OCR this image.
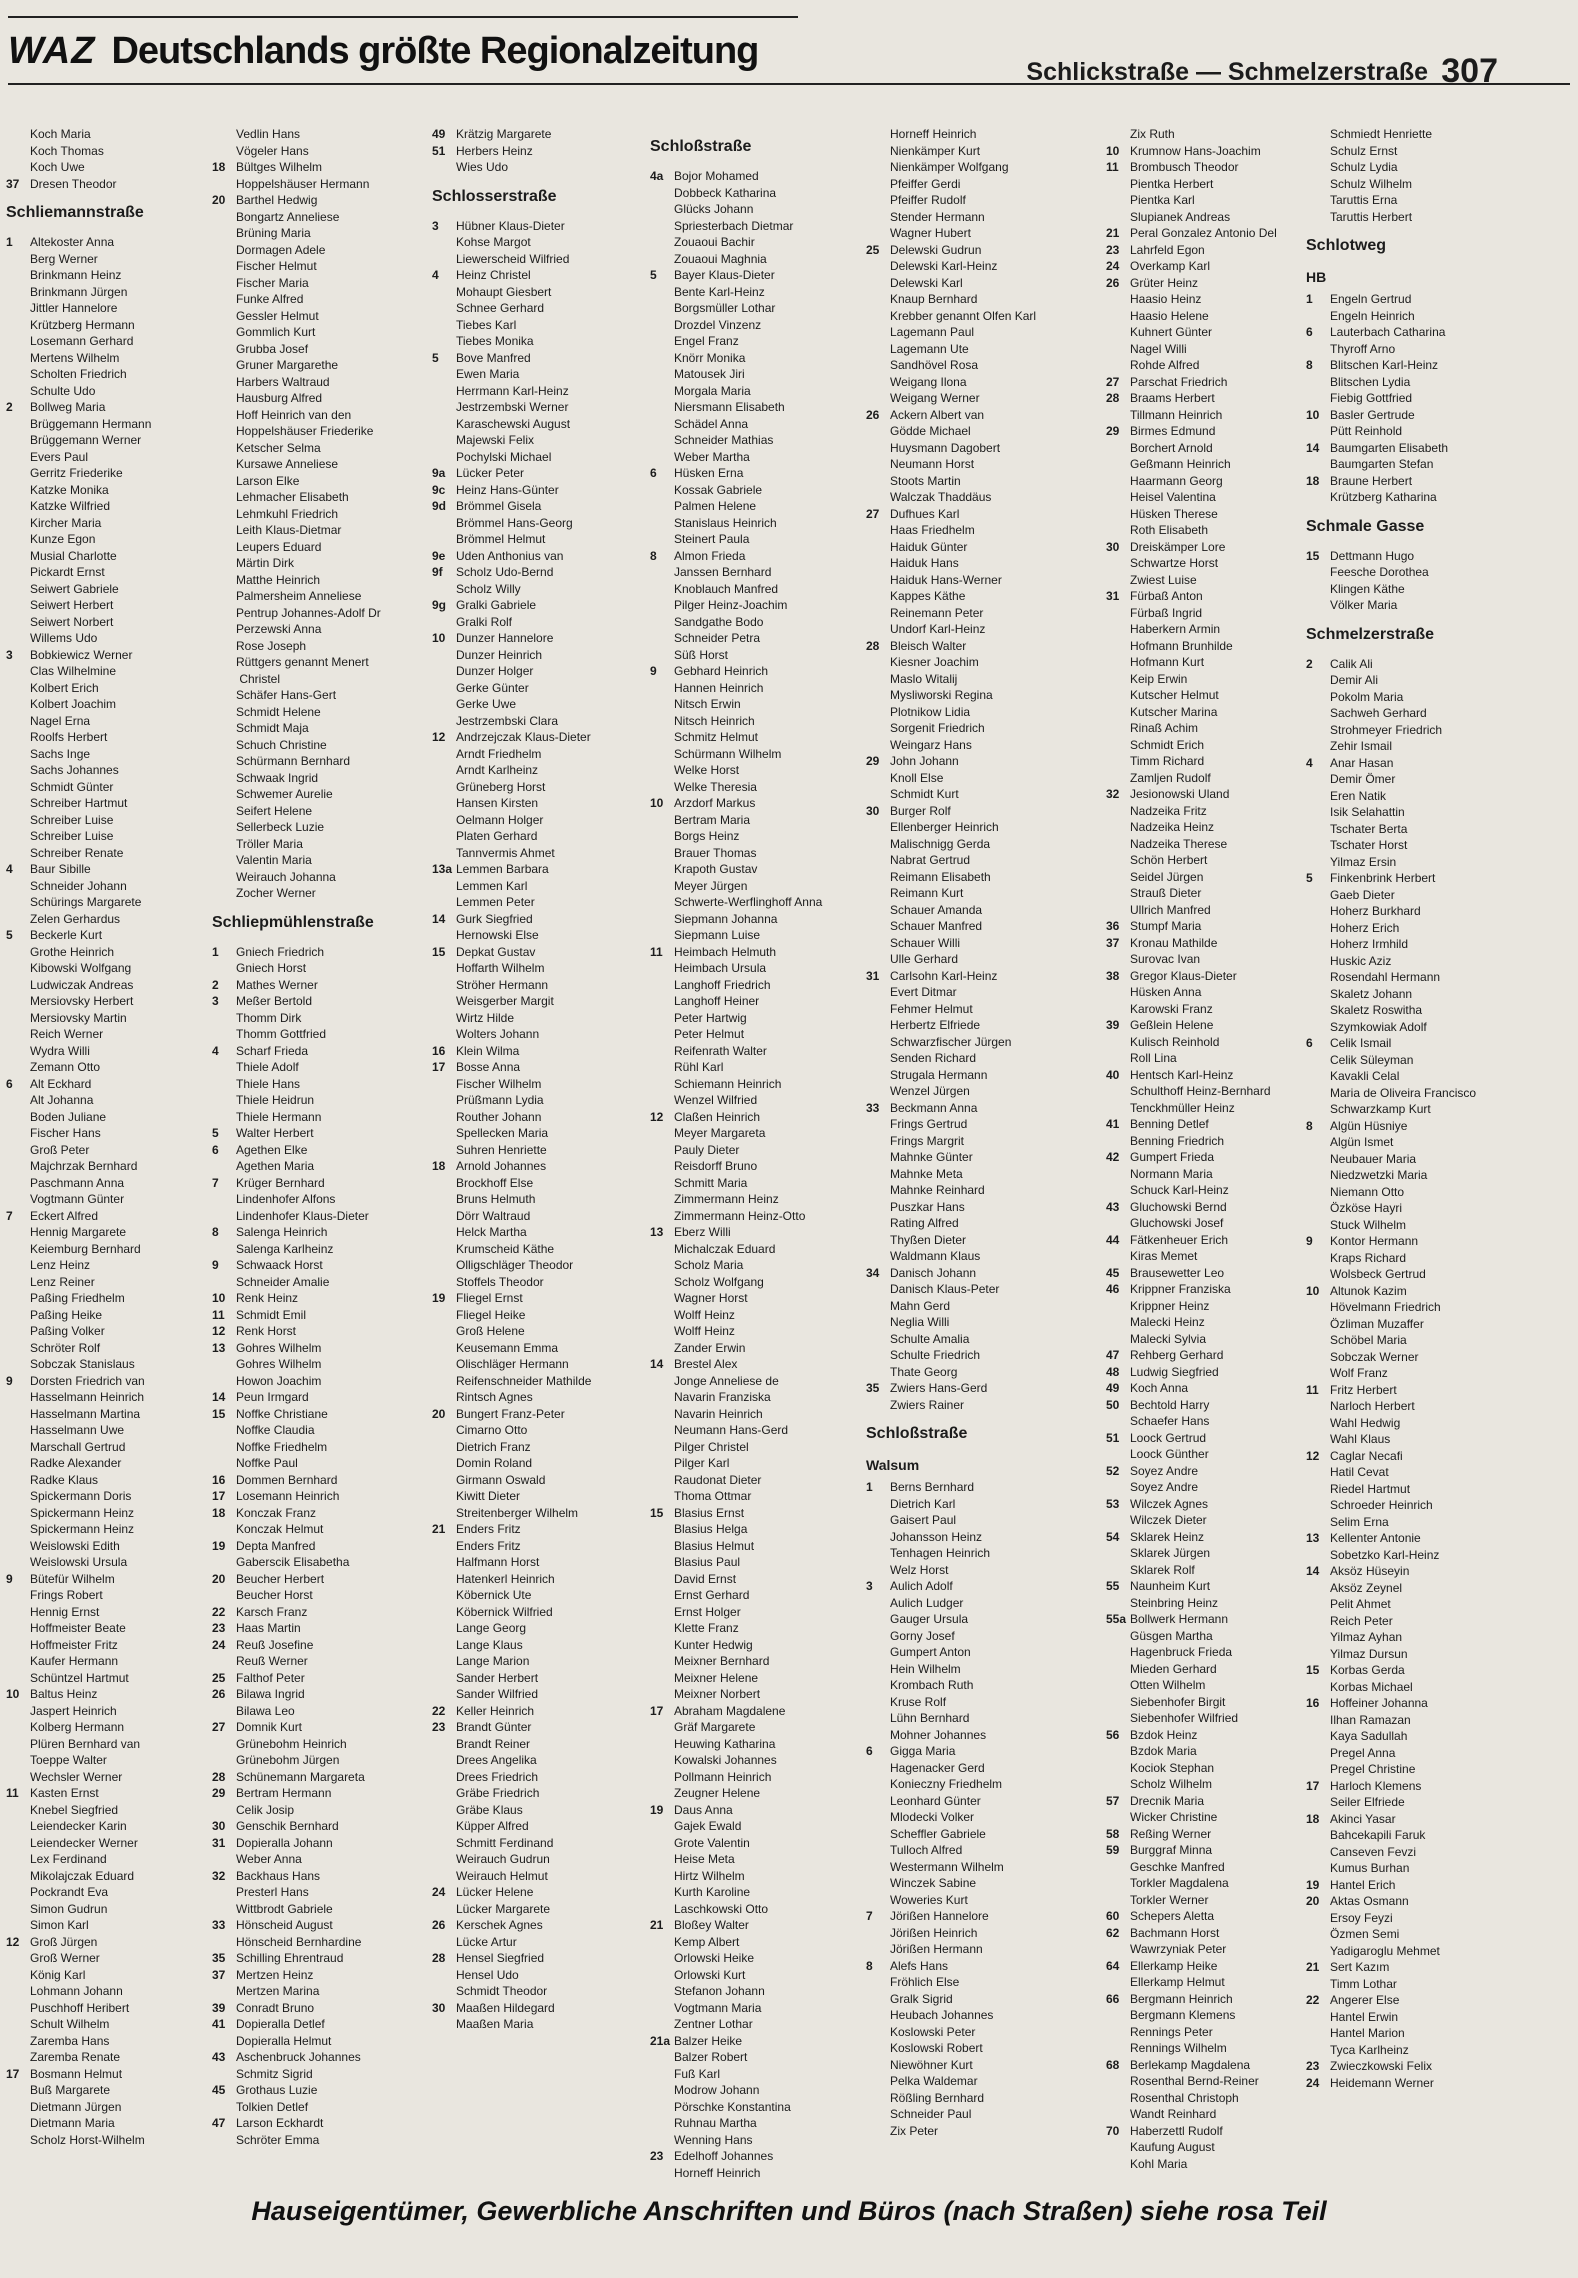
WAZ Deutschlands größte Regionalzeitung	Schlickstraße — Schmelzerstraße 307
Koch Maria
Koch Thomas
Koch Uwe
37 Dresen Theodor
Schliemannstraße
1 Altekoster Anna
Berg Werner
Brinkmann Heinz
Brinkmann Jürgen
Jittler Hannelore
Krützberg Hermann
Losemann Gerhard
Mertens Wilhelm
Scholten Friedrich
Schulte Udo
2 Bollweg Maria
Brüggemann Hermann
Brüggemann Werner
Evers Paul
Gerritz Friederike
Katzke Monika
Katzke Wilfried
Kircher Maria
Kunze Egon
Musial Charlotte
Pickardt Ernst
Seiwert Gabriele
Seiwert Herbert
Seiwert Norbert
Willems Udo
3 Bobkiewicz Werner
Clas Wilhelmine
Kolbert Erich
Kolbert Joachim
Nagel Erna
Roolfs Herbert
Sachs Inge
Sachs Johannes
Schmidt Günter
Schreiber Hartmut
Schreiber Luise
Schreiber Luise
Schreiber Renate
4 Baur Sibille
Schneider Johann
Schürings Margarete
Zelen Gerhardus
5 Beckerle Kurt
Grothe Heinrich
Kibowski Wolfgang
Ludwiczak Andreas
Mersiovsky Herbert
Mersiovsky Martin
Reich Werner
Wydra Willi
Zemann Otto
6 Alt Eckhard
Alt Johanna
Boden Juliane
Fischer Hans
Groß Peter
Majchrzak Bernhard
Paschmann Anna
Vogtmann Günter
7 Eckert Alfred
Hennig Margarete
Keiemburg Bernhard
Lenz Heinz
Lenz Reiner
Paßing Friedhelm
Paßing Heike
Paßing Volker
Schröter Rolf
Sobczak Stanislaus
9 Dorsten Friedrich van
Hasselmann Heinrich
Hasselmann Martina
Hasselmann Uwe
Marschall Gertrud
Radke Alexander
Radke Klaus
Spickermann Doris
Spickermann Heinz
Spickermann Heinz
Weislowski Edith
Weislowski Ursula
9 Bütefür Wilhelm
Frings Robert
Hennig Ernst
Hoffmeister Beate
Hoffmeister Fritz
Kaufer Hermann
Schüntzel Hartmut
10 Baltus Heinz
Jaspert Heinrich
Kolberg Hermann
Plüren Bernhard van
Toeppe Walter
Wechsler Werner
11 Kasten Ernst
Knebel Siegfried
Leiendecker Karin
Leiendecker Werner
Lex Ferdinand
Mikolajczak Eduard
Pockrandt Eva
Simon Gudrun
Simon Karl
12 Groß Jürgen
Groß Werner
König Karl
Lohmann Johann
Puschhoff Heribert
Schult Wilhelm
Zaremba Hans
Zaremba Renate
17 Bosmann Helmut
Buß Margarete
Dietmann Jürgen
Dietmann Maria
Scholz Horst-Wilhelm
Vedlin Hans
Vögeler Hans
18 Bültges Wilhelm
Hoppelshäuser Hermann
20 Barthel Hedwig
Bongartz Anneliese
Brüning Maria
Dormagen Adele
Fischer Helmut
Fischer Maria
Funke Alfred
Gessler Helmut
Gommlich Kurt
Grubba Josef
Gruner Margarethe
Harbers Waltraud
Hausburg Alfred
Hoff Heinrich van den
Hoppelshäuser Friederike
Ketscher Selma
Kursawe Anneliese
Larson Elke
Lehmacher Elisabeth
Lehmkuhl Friedrich
Leith Klaus-Dietmar
Leupers Eduard
Märtin Dirk
Matthe Heinrich
Palmersheim Anneliese
Pentrup Johannes-Adolf Dr
Perzewski Anna
Rose Joseph
Rüttgers genannt Menert
Christel
Schäfer Hans-Gert
Schmidt Helene
Schmidt Maja
Schuch Christine
Schürmann Bernhard
Schwaak Ingrid
Schwemer Aurelie
Seifert Helene
Sellerbeck Luzie
Tröller Maria
Valentin Maria
Weirauch Johanna
Zocher Werner
Schliepmühlenstraße
1 Gniech Friedrich
Gniech Horst
2 Mathes Werner
3 Meßer Bertold
Thomm Dirk
Thomm Gottfried
4 Scharf Frieda
Thiele Adolf
Thiele Hans
Thiele Heidrun
Thiele Hermann
5 Walter Herbert
6 Agethen Elke
Agethen Maria
7 Krüger Bernhard
Lindenhofer Alfons
Lindenhofer Klaus-Dieter
8 Salenga Heinrich
Salenga Karlheinz
9 Schwaack Horst
Schneider Amalie
10 Renk Heinz
11 Schmidt Emil
12 Renk Horst
13 Gohres Wilhelm
Gohres Wilhelm
Howon Joachim
14 Peun Irmgard
15 Noffke Christiane
Noffke Claudia
Noffke Friedhelm
Noffke Paul
16 Dommen Bernhard
17 Losemann Heinrich
18 Konczak Franz
Konczak Helmut
19 Depta Manfred
Gaberscik Elisabetha
20 Beucher Herbert
Beucher Horst
22 Karsch Franz
23 Haas Martin
24 Reuß Josefine
Reuß Werner
25 Falthof Peter
26 Bilawa Ingrid
Bilawa Leo
27 Domnik Kurt
Grünebohm Heinrich
Grünebohm Jürgen
28 Schünemann Margareta
29 Bertram Hermann
Celik Josip
30 Genschik Bernhard
31 Dopieralla Johann
Weber Anna
32 Backhaus Hans
Presterl Hans
Wittbrodt Gabriele
33 Hönscheid August
Hönscheid Bernhardine
35 Schilling Ehrentraud
37 Mertzen Heinz
Mertzen Marina
39 Conradt Bruno
41 Dopieralla Detlef
Dopieralla Helmut
43 Aschenbruck Johannes
Schmitz Sigrid
45 Grothaus Luzie
Tolkien Detlef
47 Larson Eckhardt
Schröter Emma
49 Krätzig Margarete
51 Herbers Heinz
Wies Udo
Schlosserstraße
3 Hübner Klaus-Dieter
Kohse Margot
Liewerscheid Wilfried
4 Heinz Christel
Mohaupt Giesbert
Schnee Gerhard
Tiebes Karl
Tiebes Monika
5 Bove Manfred
Ewen Maria
Herrmann Karl-Heinz
Jestrzembski Werner
Karaschewski August
Majewski Felix
Pochylski Michael
9a Lücker Peter
9c Heinz Hans-Günter
9d Brömmel Gisela
Brömmel Hans-Georg
Brömmel Helmut
9e Uden Anthonius van
9f Scholz Udo-Bernd
Scholz Willy
9g Gralki Gabriele
Gralki Rolf
10 Dunzer Hannelore
Dunzer Heinrich
Dunzer Holger
Gerke Günter
Gerke Uwe
Jestrzembski Clara
12 Andrzejczak Klaus-Dieter
Arndt Friedhelm
Arndt Karlheinz
Grüneberg Horst
Hansen Kirsten
Oelmann Holger
Platen Gerhard
Tannvermis Ahmet
13a Lemmen Barbara
Lemmen Karl
Lemmen Peter
14 Gurk Siegfried
Hernowski Else
15 Depkat Gustav
Hoffarth Wilhelm
Ströher Hermann
Weisgerber Margit
Wirtz Hilde
Wolters Johann
16 Klein Wilma
17 Bosse Anna
Fischer Wilhelm
Prüßmann Lydia
Routher Johann
Spellecken Maria
Suhren Henriette
18 Arnold Johannes
Brockhoff Else
Bruns Helmuth
Dörr Waltraud
Helck Martha
Krumscheid Käthe
Olligschläger Theodor
Stoffels Theodor
19 Fliegel Ernst
Fliegel Heike
Groß Helene
Keusemann Emma
Olischläger Hermann
Reifenschneider Mathilde
Rintsch Agnes
20 Bungert Franz-Peter
Cimarno Otto
Dietrich Franz
Domin Roland
Girmann Oswald
Kiwitt Dieter
Streitenberger Wilhelm
21 Enders Fritz
Enders Fritz
Halfmann Horst
Hatenkerl Heinrich
Köbernick Ute
Köbernick Wilfried
Lange Georg
Lange Klaus
Lange Marion
Sander Herbert
Sander Wilfried
22 Keller Heinrich
23 Brandt Günter
Brandt Reiner
Drees Angelika
Drees Friedrich
Gräbe Friedrich
Gräbe Klaus
Küpper Alfred
Schmitt Ferdinand
Weirauch Gudrun
Weirauch Helmut
24 Lücker Helene
Lücker Margarete
26 Kerschek Agnes
Lücke Artur
28 Hensel Siegfried
Hensel Udo
Schmidt Theodor
30 Maaßen Hildegard
Maaßen Maria
Schloßstraße
4a Bojor Mohamed
Dobbeck Katharina
Glücks Johann
Spriesterbach Dietmar
Zouaoui Bachir
Zouaoui Maghnia
5 Bayer Klaus-Dieter
Bente Karl-Heinz
Borgsmüller Lothar
Drozdel Vinzenz
Engel Franz
Knörr Monika
Matousek Jiri
Morgala Maria
Niersmann Elisabeth
Schädel Anna
Schneider Mathias
Weber Martha
6 Hüsken Erna
Kossak Gabriele
Palmen Helene
Stanislaus Heinrich
Steinert Paula
8 Almon Frieda
Janssen Bernhard
Knoblauch Manfred
Pilger Heinz-Joachim
Sandgathe Bodo
Schneider Petra
Süß Horst
9 Gebhard Heinrich
Hannen Heinrich
Nitsch Erwin
Nitsch Heinrich
Schmitz Helmut
Schürmann Wilhelm
Welke Horst
Welke Theresia
10 Arzdorf Markus
Bertram Maria
Borgs Heinz
Brauer Thomas
Krapoth Gustav
Meyer Jürgen
Schwerte-Werflinghoff Anna
Siepmann Johanna
Siepmann Luise
11 Heimbach Helmuth
Heimbach Ursula
Langhoff Friedrich
Langhoff Heiner
Peter Hartwig
Peter Helmut
Reifenrath Walter
Rühl Karl
Schiemann Heinrich
Wenzel Wilfried
12 Claßen Heinrich
Meyer Margareta
Pauly Dieter
Reisdorff Bruno
Schmitt Maria
Zimmermann Heinz
Zimmermann Heinz-Otto
13 Eberz Willi
Michalczak Eduard
Scholz Maria
Scholz Wolfgang
Wagner Horst
Wolff Heinz
Wolff Heinz
Zander Erwin
14 Brestel Alex
Jonge Anneliese de
Navarin Franziska
Navarin Heinrich
Neumann Hans-Gerd
Pilger Christel
Pilger Karl
Raudonat Dieter
Thoma Ottmar
15 Blasius Ernst
Blasius Helga
Blasius Helmut
Blasius Paul
David Ernst
Ernst Gerhard
Ernst Holger
Klette Franz
Kunter Hedwig
Meixner Bernhard
Meixner Helene
Meixner Norbert
17 Abraham Magdalene
Gräf Margarete
Heuwing Katharina
Kowalski Johannes
Pollmann Heinrich
Zeugner Helene
19 Daus Anna
Gajek Ewald
Grote Valentin
Heise Meta
Hirtz Wilhelm
Kurth Karoline
Laschkowski Otto
21 Bloßey Walter
Kemp Albert
Orlowski Heike
Orlowski Kurt
Stefanon Johann
Vogtmann Maria
Zentner Lothar
21a Balzer Heike
Balzer Robert
Fuß Karl
Modrow Johann
Pörschke Konstantina
Ruhnau Martha
Wenning Hans
23 Edelhoff Johannes
Horneff Heinrich
Horneff Heinrich
Nienkämper Kurt
Nienkämper Wolfgang
Pfeiffer Gerdi
Pfeiffer Rudolf
Stender Hermann
Wagner Hubert
25 Delewski Gudrun
Delewski Karl-Heinz
Delewski Karl
Knaup Bernhard
Krebber genannt Olfen Karl
Lagemann Paul
Lagemann Ute
Sandhövel Rosa
Weigang Ilona
Weigang Werner
26 Ackern Albert van
Gödde Michael
Huysmann Dagobert
Neumann Horst
Stoots Martin
Walczak Thaddäus
27 Dufhues Karl
Haas Friedhelm
Haiduk Günter
Haiduk Hans
Haiduk Hans-Werner
Kappes Käthe
Reinemann Peter
Undorf Karl-Heinz
28 Bleisch Walter
Kiesner Joachim
Maslo Witalij
Mysliworski Regina
Plotnikow Lidia
Sorgenit Friedrich
Weingarz Hans
29 John Johann
Knoll Else
Schmidt Kurt
30 Burger Rolf
Ellenberger Heinrich
Malischnigg Gerda
Nabrat Gertrud
Reimann Elisabeth
Reimann Kurt
Schauer Amanda
Schauer Manfred
Schauer Willi
Ulle Gerhard
31 Carlsohn Karl-Heinz
Evert Ditmar
Fehmer Helmut
Herbertz Elfriede
Schwarzfischer Jürgen
Senden Richard
Strugala Hermann
Wenzel Jürgen
33 Beckmann Anna
Frings Gertrud
Frings Margrit
Mahnke Günter
Mahnke Meta
Mahnke Reinhard
Puszkar Hans
Rating Alfred
Thyßen Dieter
Waldmann Klaus
34 Danisch Johann
Danisch Klaus-Peter
Mahn Gerd
Neglia Willi
Schulte Amalia
Schulte Friedrich
Thate Georg
35 Zwiers Hans-Gerd
Zwiers Rainer
Schloßstraße
Walsum
1 Berns Bernhard
Dietrich Karl
Gaisert Paul
Johansson Heinz
Tenhagen Heinrich
Welz Horst
3 Aulich Adolf
Aulich Ludger
Gauger Ursula
Gorny Josef
Gumpert Anton
Hein Wilhelm
Krombach Ruth
Kruse Rolf
Lühn Bernhard
Mohner Johannes
6 Gigga Maria
Hagenacker Gerd
Konieczny Friedhelm
Leonhard Günter
Mlodecki Volker
Scheffler Gabriele
Tulloch Alfred
Westermann Wilhelm
Winczek Sabine
Woweries Kurt
7 Jörißen Hannelore
Jörißen Heinrich
Jörißen Hermann
8 Alefs Hans
Fröhlich Else
Gralk Sigrid
Heubach Johannes
Koslowski Peter
Koslowski Robert
Niewöhner Kurt
Pelka Waldemar
Rößling Bernhard
Schneider Paul
Zix Peter
Zix Ruth
10 Krumnow Hans-Joachim
11 Brombusch Theodor
Pientka Herbert
Pientka Karl
Slupianek Andreas
21 Peral Gonzalez Antonio Del
23 Lahrfeld Egon
24 Overkamp Karl
26 Grüter Heinz
Haasio Heinz
Haasio Helene
Kuhnert Günter
Nagel Willi
Rohde Alfred
27 Parschat Friedrich
28 Braams Herbert
Tillmann Heinrich
29 Birmes Edmund
Borchert Arnold
Geßmann Heinrich
Haarmann Georg
Heisel Valentina
Hüsken Therese
Roth Elisabeth
30 Dreiskämper Lore
Schwartze Horst
Zwiest Luise
31 Fürbaß Anton
Fürbaß Ingrid
Haberkern Armin
Hofmann Brunhilde
Hofmann Kurt
Keip Erwin
Kutscher Helmut
Kutscher Marina
Rinaß Achim
Schmidt Erich
Timm Richard
Zamljen Rudolf
32 Jesionowski Uland
Nadzeika Fritz
Nadzeika Heinz
Nadzeika Therese
Schön Herbert
Seidel Jürgen
Strauß Dieter
Ullrich Manfred
36 Stumpf Maria
37 Kronau Mathilde
Surovac Ivan
38 Gregor Klaus-Dieter
Hüsken Anna
Karowski Franz
39 Geßlein Helene
Kulisch Reinhold
Roll Lina
40 Hentsch Karl-Heinz
Schulthoff Heinz-Bernhard
Tenckhmüller Heinz
41 Benning Detlef
Benning Friedrich
42 Gumpert Frieda
Normann Maria
Schuck Karl-Heinz
43 Gluchowski Bernd
Gluchowski Josef
44 Fätkenheuer Erich
Kiras Memet
45 Brausewetter Leo
46 Krippner Franziska
Krippner Heinz
Malecki Heinz
Malecki Sylvia
47 Rehberg Gerhard
48 Ludwig Siegfried
49 Koch Anna
50 Bechtold Harry
Schaefer Hans
51 Loock Gertrud
Loock Günther
52 Soyez Andre
Soyez Andre
53 Wilczek Agnes
Wilczek Dieter
54 Sklarek Heinz
Sklarek Jürgen
Sklarek Rolf
55 Naunheim Kurt
Steinbring Heinz
55a Bollwerk Hermann
Güsgen Martha
Hagenbruck Frieda
Mieden Gerhard
Otten Wilhelm
Siebenhofer Birgit
Siebenhofer Wilfried
56 Bzdok Heinz
Bzdok Maria
Kociok Stephan
Scholz Wilhelm
57 Drecnik Maria
Wicker Christine
58 Reßing Werner
59 Burggraf Minna
Geschke Manfred
Torkler Magdalena
Torkler Werner
60 Schepers Aletta
62 Bachmann Horst
Wawrzyniak Peter
64 Ellerkamp Heike
Ellerkamp Helmut
66 Bergmann Heinrich
Bergmann Klemens
Rennings Peter
Rennings Wilhelm
68 Berlekamp Magdalena
Rosenthal Bernd-Reiner
Rosenthal Christoph
Wandt Reinhard
70 Haberzettl Rudolf
Kaufung August
Kohl Maria
Schmiedt Henriette
Schulz Ernst
Schulz Lydia
Schulz Wilhelm
Taruttis Erna
Taruttis Herbert
Schlotweg
HB
1 Engeln Gertrud
Engeln Heinrich
6 Lauterbach Catharina
Thyroff Arno
8 Blitschen Karl-Heinz
Blitschen Lydia
Fiebig Gottfried
10 Basler Gertrude
Pütt Reinhold
14 Baumgarten Elisabeth
Baumgarten Stefan
18 Braune Herbert
Krützberg Katharina
Schmale Gasse
15 Dettmann Hugo
Feesche Dorothea
Klingen Käthe
Völker Maria
Schmelzerstraße
2 Calik Ali
Demir Ali
Pokolm Maria
Sachweh Gerhard
Strohmeyer Friedrich
Zehir Ismail
4 Anar Hasan
Demir Ömer
Eren Natik
Isik Selahattin
Tschater Berta
Tschater Horst
Yilmaz Ersin
5 Finkenbrink Herbert
Gaeb Dieter
Hoherz Burkhard
Hoherz Erich
Hoherz Irmhild
Huskic Aziz
Rosendahl Hermann
Skaletz Johann
Skaletz Roswitha
Szymkowiak Adolf
6 Celik Ismail
Celik Süleyman
Kavakli Celal
Maria de Oliveira Francisco
Schwarzkamp Kurt
8 Algün Hüsniye
Algün Ismet
Neubauer Maria
Niedzwetzki Maria
Niemann Otto
Özköse Hayri
Stuck Wilhelm
9 Kontor Hermann
Kraps Richard
Wolsbeck Gertrud
10 Altunok Kazim
Hövelmann Friedrich
Özliman Muzaffer
Schöbel Maria
Sobczak Werner
Wolf Franz
11 Fritz Herbert
Narloch Herbert
Wahl Hedwig
Wahl Klaus
12 Caglar Necafi
Hatil Cevat
Riedel Hartmut
Schroeder Heinrich
Selim Erna
13 Kellenter Antonie
Sobetzko Karl-Heinz
14 Aksöz Hüseyin
Aksöz Zeynel
Pelit Ahmet
Reich Peter
Yilmaz Ayhan
Yilmaz Dursun
15 Korbas Gerda
Korbas Michael
16 Hoffeiner Johanna
Ilhan Ramazan
Kaya Sadullah
Pregel Anna
Pregel Christine
17 Harloch Klemens
Seiler Elfriede
18 Akinci Yasar
Bahcekapili Faruk
Canseven Fevzi
Kumus Burhan
19 Hantel Erich
20 Aktas Osmann
Ersoy Feyzi
Özmen Semi
Yadigaroglu Mehmet
21 Sert Kazım
Timm Lothar
22 Angerer Else
Hantel Erwin
Hantel Marion
Tyca Karlheinz
23 Zwieczkowski Felix
24 Heidemann Werner
Hauseigentümer, Gewerbliche Anschriften und Büros (nach Straßen) siehe rosa Teil
